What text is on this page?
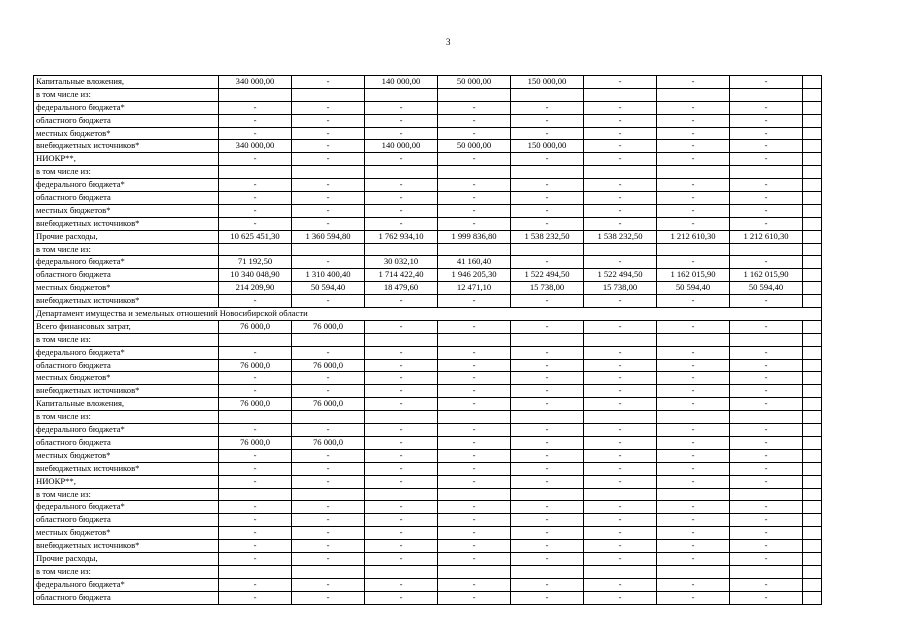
3
Капитальные вложения,	340 000,00	-	140 000,00	50 000,00	150 000,00	-	-	-	
в том числе из:									
федерального бюджета*	-	-	-	-	-	-	-	-	
областного бюджета	-	-	-	-	-	-	-	-	
местных бюджетов*	-	-	-	-	-	-	-	-	
внебюджетных источников*	340 000,00	-	140 000,00	50 000,00	150 000,00	-	-	-	
НИОКР**,	-	-	-	-	-	-	-	-	
в том числе из:									
федерального бюджета*	-	-	-	-	-	-	-	-	
областного бюджета	-	-	-	-	-	-	-	-	
местных бюджетов*	-	-	-	-	-	-	-	-	
внебюджетных источников*	-	-	-	-	-	-	-	-	
Прочие расходы,	10 625 451,30	1 360 594,80	1 762 934,10	1 999 836,80	1 538 232,50	1 538 232,50	1 212 610,30	1 212 610,30	
в том числе из:									
федерального бюджета*	71 192,50	-	30 032,10	41 160,40	-	-	-	-	
областного бюджета	10 340 048,90	1 310 400,40	1 714 422,40	1 946 205,30	1 522 494,50	1 522 494,50	1 162 015,90	1 162 015,90	
местных бюджетов*	214 209,90	50 594,40	18 479,60	12 471,10	15 738,00	15 738,00	50 594,40	50 594,40	
внебюджетных источников*	-	-	-	-	-	-	-	-	
Департамент имущества и земельных отношений Новосибирской области									
Всего финансовых затрат,	76 000,0	76 000,0	-	-	-	-	-	-	
в том числе из:									
федерального бюджета*	-	-	-	-	-	-	-	-	
областного бюджета	76 000,0	76 000,0	-	-	-	-	-	-	
местных бюджетов*	-	-	-	-	-	-	-	-	
внебюджетных источников*	-	-	-	-	-	-	-	-	
Капитальные вложения,	76 000,0	76 000,0	-	-	-	-	-	-	
в том числе из:									
федерального бюджета*	-	-	-	-	-	-	-	-	
областного бюджета	76 000,0	76 000,0	-	-	-	-	-	-	
местных бюджетов*	-	-	-	-	-	-	-	-	
внебюджетных источников*	-	-	-	-	-	-	-	-	
НИОКР**,	-	-	-	-	-	-	-	-	
в том числе из:									
федерального бюджета*	-	-	-	-	-	-	-	-	
областного бюджета	-	-	-	-	-	-	-	-	
местных бюджетов*	-	-	-	-	-	-	-	-	
внебюджетных источников*	-	-	-	-	-	-	-	-	
Прочие расходы,	-	-	-	-	-	-	-	-	
в том числе из:									
федерального бюджета*	-	-	-	-	-	-	-	-	
областного бюджета	-	-	-	-	-	-	-	-	
